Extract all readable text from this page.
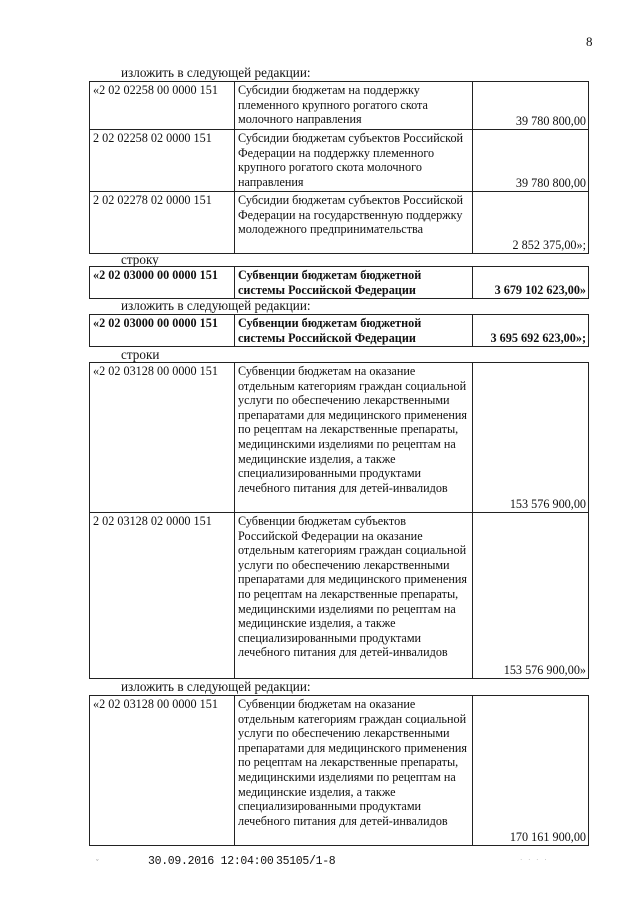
8
изложить в следующей редакции:
«2 02 02258 00 0000 151	Субсидии бюджетам на поддержку племенного крупного рогатого скота молочного направления	39 780 800,00
2 02 02258 02 0000 151	Субсидии бюджетам субъектов Российской Федерации на поддержку племенного крупного рогатого скота молочного направления	39 780 800,00
2 02 02278 02 0000 151	Субсидии бюджетам субъектов Российской Федерации на государственную поддержку молодежного предпринимательства	2 852 375,00»;
строку
«2 02 03000 00 0000 151	Субвенции бюджетам бюджетной системы Российской Федерации	3 679 102 623,00»
изложить в следующей редакции:
«2 02 03000 00 0000 151	Субвенции бюджетам бюджетной системы Российской Федерации	3 695 692 623,00»;
строки
«2 02 03128 00 0000 151	Субвенции бюджетам на оказание отдельным категориям граждан социальной услуги по обеспечению лекарственными препаратами для медицинского применения по рецептам на лекарственные препараты, медицинскими изделиями по рецептам на медицинские изделия, а также специализированными продуктами лечебного питания для детей-инвалидов	153 576 900,00
2 02 03128 02 0000 151	Субвенции бюджетам субъектов Российской Федерации на оказание отдельным категориям граждан социальной услуги по обеспечению лекарственными препаратами для медицинского применения по рецептам на лекарственные препараты, медицинскими изделиями по рецептам на медицинские изделия, а также специализированными продуктами лечебного питания для детей-инвалидов	153 576 900,00»
изложить в следующей редакции:
«2 02 03128 00 0000 151	Субвенции бюджетам на оказание отдельным категориям граждан социальной услуги по обеспечению лекарственными препаратами для медицинского применения по рецептам на лекарственные препараты, медицинскими изделиями по рецептам на медицинские изделия, а также специализированными продуктами лечебного питания для детей-инвалидов	170 161 900,00
ˇ	30.09.2016 12:04:00 35105/1-8	· · · ·
